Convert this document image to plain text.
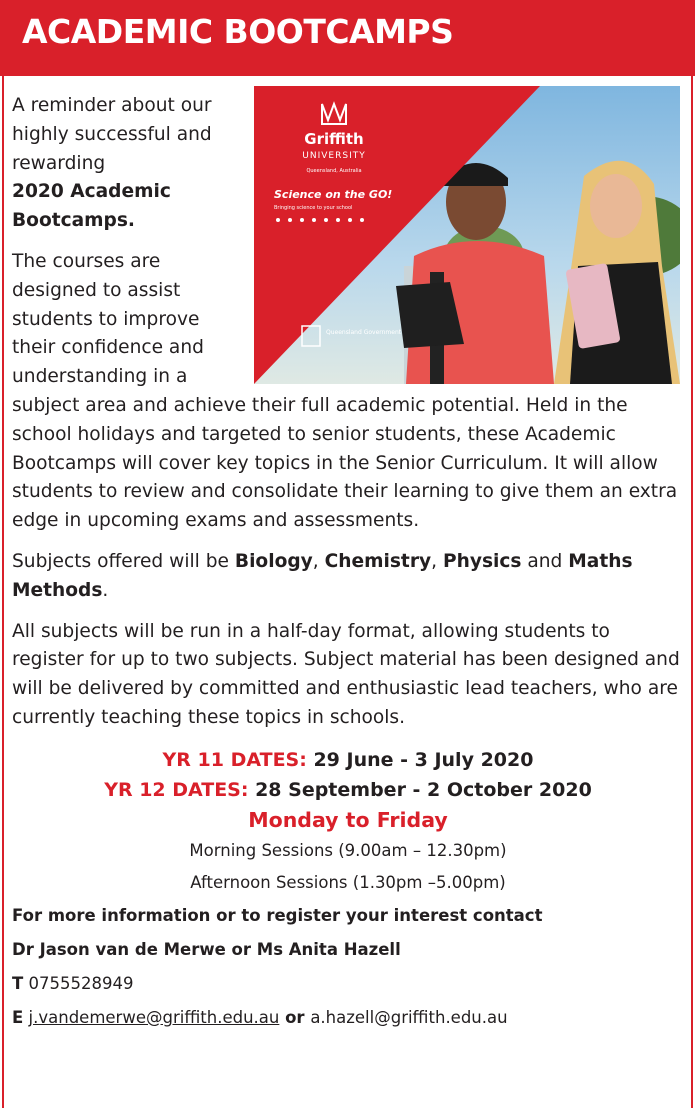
ACADEMIC BOOTCAMPS
Griffith
UNIVERSITY
Queensland, Australia
Science on the GO!
Bringing science to your school
Queensland Government

A reminder about our highly successful and rewarding
2020 Academic Bootcamps.

The courses are designed to assist students to improve their confidence and understanding in a subject area and achieve their full academic potential. Held in the school holidays and targeted to senior students, these Academic Bootcamps will cover key topics in the Senior Curriculum. It will allow students to review and consolidate their learning to give them an extra edge in upcoming exams and assessments.

Subjects offered will be Biology, Chemistry, Physics and Maths Methods.

All subjects will be run in a half-day format, allowing students to register for up to two subjects. Subject material has been designed and will be delivered by committed and enthusiastic lead teachers, who are currently teaching these topics in schools.

YR 11 DATES: 29 June - 3 July 2020
YR 12 DATES: 28 September - 2 October 2020
Monday to Friday
Morning Sessions (9.00am – 12.30pm)
Afternoon Sessions (1.30pm –5.00pm)
For more information or to register your interest contact
Dr Jason van de Merwe or Ms Anita Hazell
T 0755528949
E j.vandemerwe@griffith.edu.au or a.hazell@griffith.edu.au
